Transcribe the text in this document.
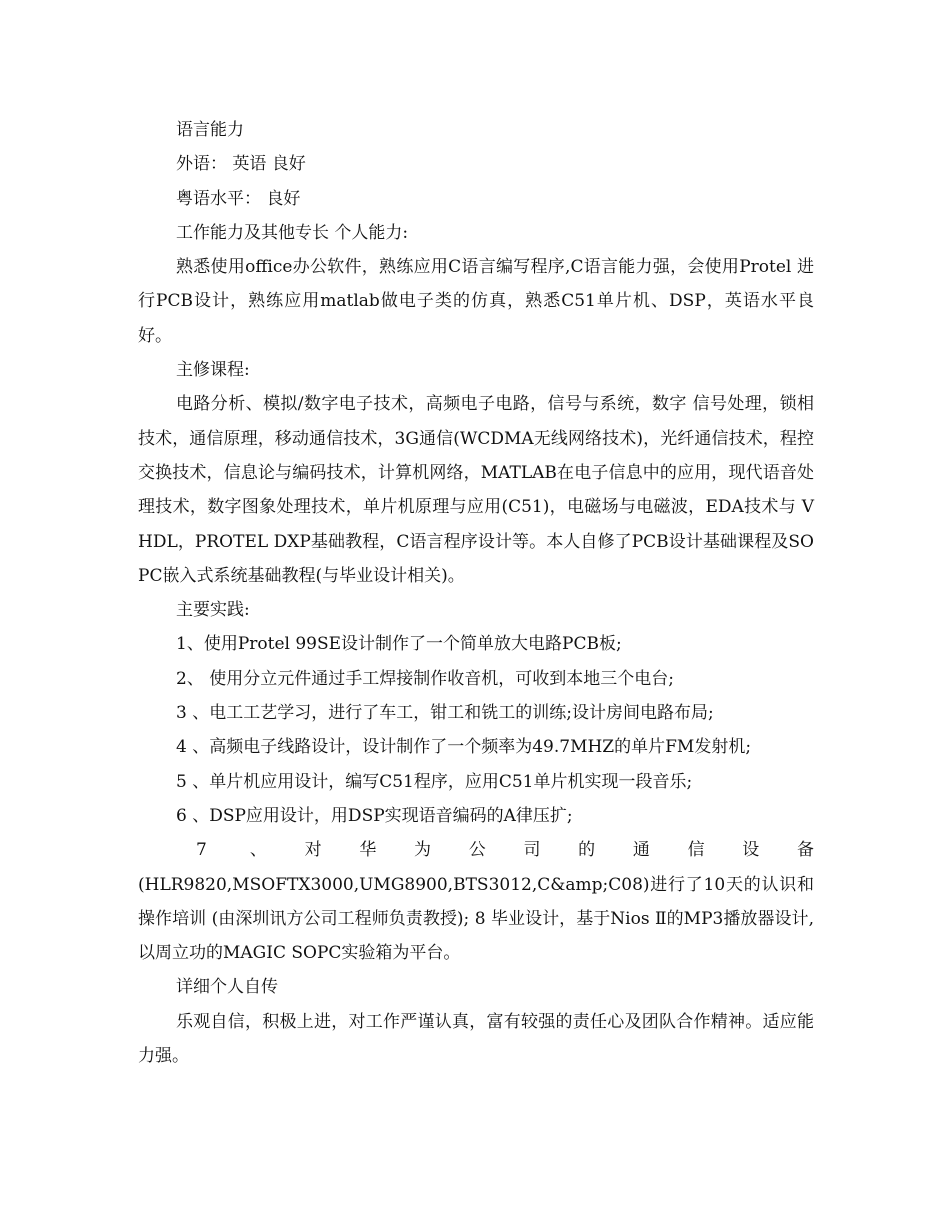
语言能力

外语： 英语 良好

粤语水平： 良好

工作能力及其他专长 个人能力:

熟悉使用office办公软件，熟练应用C语言编写程序,C语言能力强，会使用Protel 进行PCB设计，熟练应用matlab做电子类的仿真，熟悉C51单片机、DSP，英语水平良好。

主修课程:

电路分析、模拟/数字电子技术，高频电子电路，信号与系统，数字 信号处理，锁相技术，通信原理，移动通信技术，3G通信(WCDMA无线网络技术)，光纤通信技术，程控交换技术，信息论与编码技术，计算机网络，MATLAB在电子信息中的应用，现代语音处理技术，数字图象处理技术，单片机原理与应用(C51)，电磁场与电磁波，EDA技术与 VHDL，PROTEL DXP基础教程，C语言程序设计等。本人自修了PCB设计基础课程及SOPC嵌入式系统基础教程(与毕业设计相关)。

主要实践:

1、使用Protel 99SE设计制作了一个简单放大电路PCB板;

2、 使用分立元件通过手工焊接制作收音机，可收到本地三个电台;

3 、电工工艺学习，进行了车工，钳工和铣工的训练;设计房间电路布局;

4 、高频电子线路设计，设计制作了一个频率为49.7MHZ的单片FM发射机;

5 、单片机应用设计，编写C51程序，应用C51单片机实现一段音乐;

6 、DSP应用设计，用DSP实现语音编码的A律压扩;

7 、对华为公司的通信设备

(HLR9820,MSOFTX3000,UMG8900,BTS3012,C&amp;C08)进行了10天的认识和操作培训 (由深圳讯方公司工程师负责教授); 8 毕业设计，基于Nios Ⅱ的MP3播放器设计,以周立功的MAGIC SOPC实验箱为平台。

详细个人自传

乐观自信，积极上进，对工作严谨认真，富有较强的责任心及团队合作精神。适应能力强。
